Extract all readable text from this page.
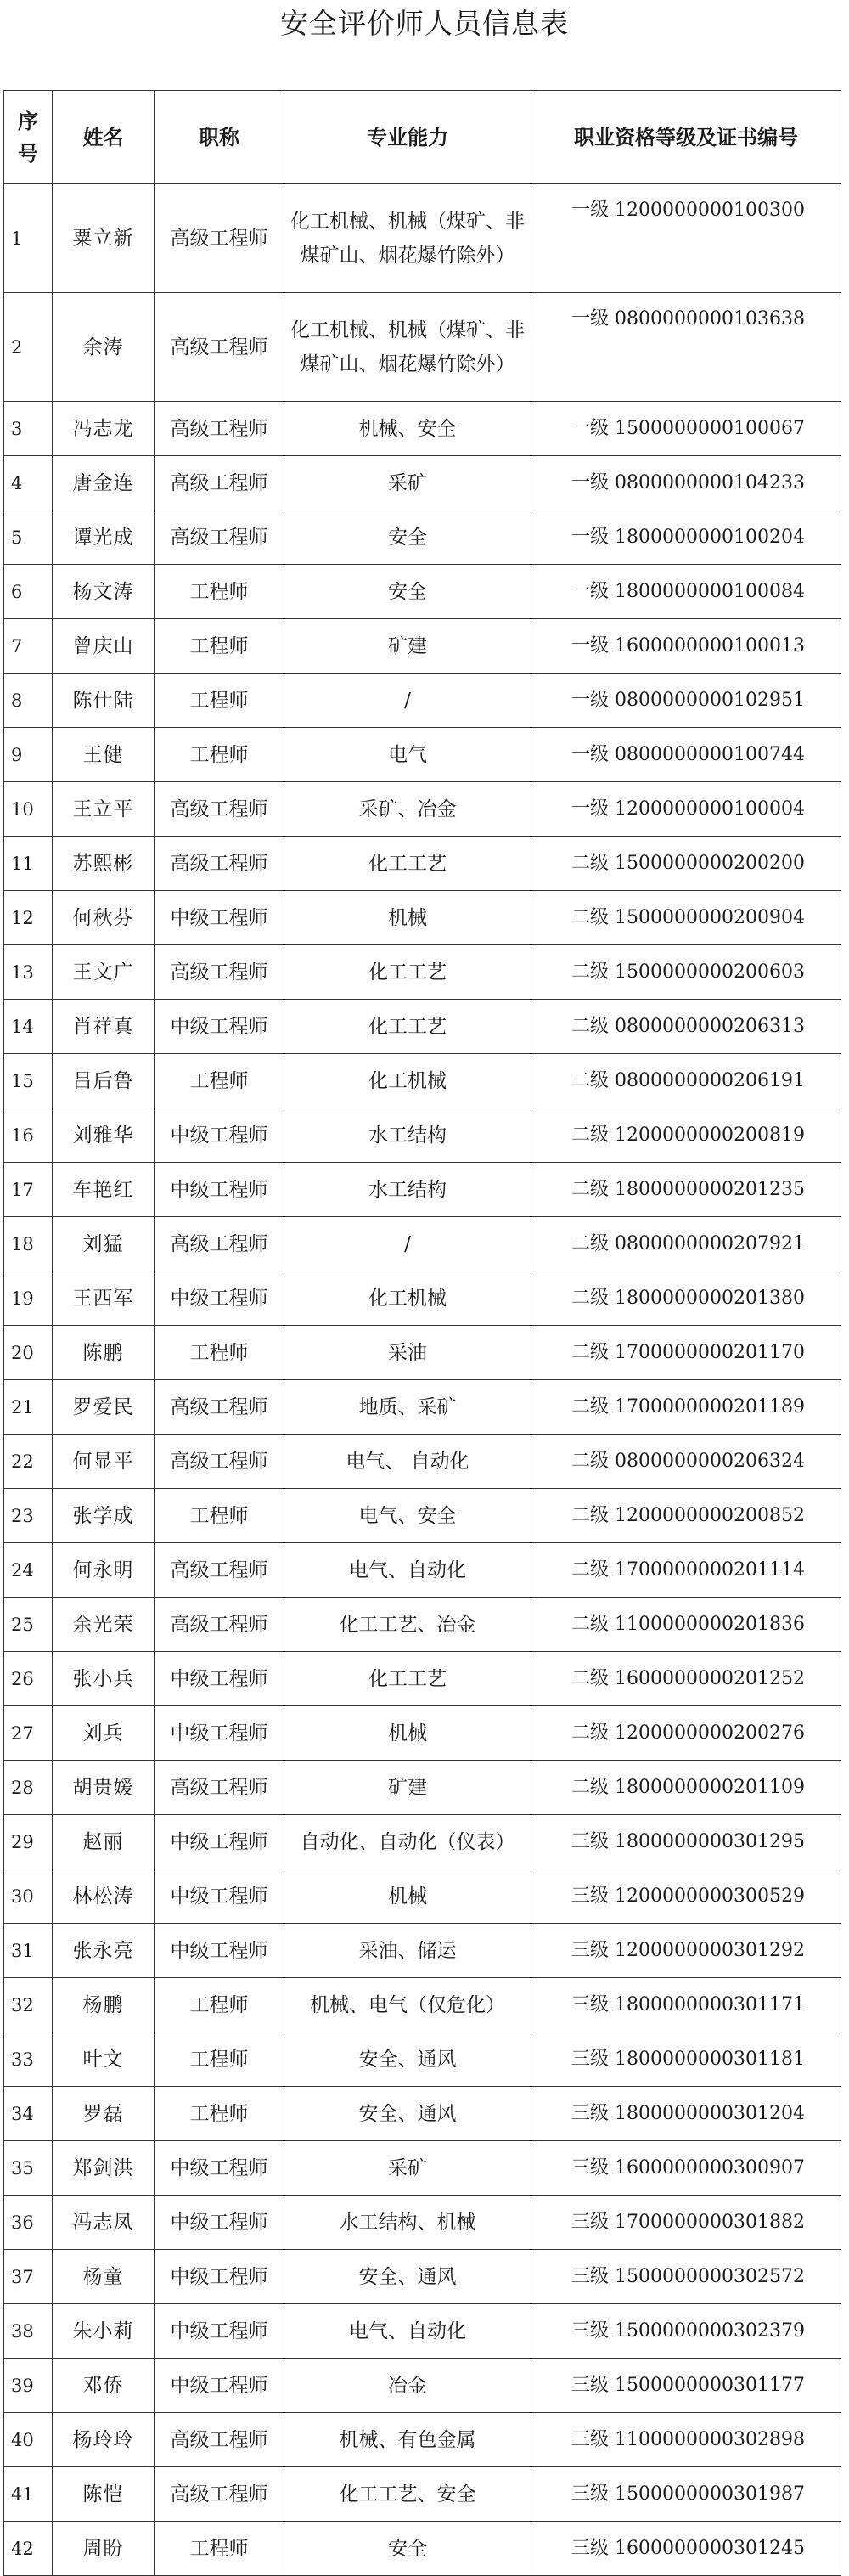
安全评价师人员信息表
序号	姓名	职称	专业能力	职业资格等级及证书编号
1	粟立新	高级工程师	化工机械、机械（煤矿、非煤矿山、烟花爆竹除外）	一级 1200000000100300
2	余涛	高级工程师	化工机械、机械（煤矿、非煤矿山、烟花爆竹除外）	一级 0800000000103638
3	冯志龙	高级工程师	机械、安全	一级 1500000000100067
4	唐金连	高级工程师	采矿	一级 0800000000104233
5	谭光成	高级工程师	安全	一级 1800000000100204
6	杨文涛	工程师	安全	一级 1800000000100084
7	曾庆山	工程师	矿建	一级 1600000000100013
8	陈仕陆	工程师	/	一级 0800000000102951
9	王健	工程师	电气	一级 0800000000100744
10	王立平	高级工程师	采矿、冶金	一级 1200000000100004
11	苏熙彬	高级工程师	化工工艺	二级 1500000000200200
12	何秋芬	中级工程师	机械	二级 1500000000200904
13	王文广	高级工程师	化工工艺	二级 1500000000200603
14	肖祥真	中级工程师	化工工艺	二级 0800000000206313
15	吕后鲁	工程师	化工机械	二级 0800000000206191
16	刘雅华	中级工程师	水工结构	二级 1200000000200819
17	车艳红	中级工程师	水工结构	二级 1800000000201235
18	刘猛	高级工程师	/	二级 0800000000207921
19	王西军	中级工程师	化工机械	二级 1800000000201380
20	陈鹏	工程师	采油	二级 1700000000201170
21	罗爱民	高级工程师	地质、采矿	二级 1700000000201189
22	何显平	高级工程师	电气、 自动化	二级 0800000000206324
23	张学成	工程师	电气、安全	二级 1200000000200852
24	何永明	高级工程师	电气、自动化	二级 1700000000201114
25	余光荣	高级工程师	化工工艺、冶金	二级 1100000000201836
26	张小兵	中级工程师	化工工艺	二级 1600000000201252
27	刘兵	中级工程师	机械	二级 1200000000200276
28	胡贵媛	高级工程师	矿建	二级 1800000000201109
29	赵丽	中级工程师	自动化、自动化（仪表）	三级 1800000000301295
30	林松涛	中级工程师	机械	三级 1200000000300529
31	张永亮	中级工程师	采油、储运	三级 1200000000301292
32	杨鹏	工程师	机械、电气（仅危化）	三级 1800000000301171
33	叶文	工程师	安全、通风	三级 1800000000301181
34	罗磊	工程师	安全、通风	三级 1800000000301204
35	郑剑洪	中级工程师	采矿	三级 1600000000300907
36	冯志凤	中级工程师	水工结构、机械	三级 1700000000301882
37	杨童	中级工程师	安全、通风	三级 1500000000302572
38	朱小莉	中级工程师	电气、自动化	三级 1500000000302379
39	邓侨	中级工程师	冶金	三级 1500000000301177
40	杨玲玲	高级工程师	机械、有色金属	三级 1100000000302898
41	陈恺	高级工程师	化工工艺、安全	三级 1500000000301987
42	周盼	工程师	安全	三级 1600000000301245
